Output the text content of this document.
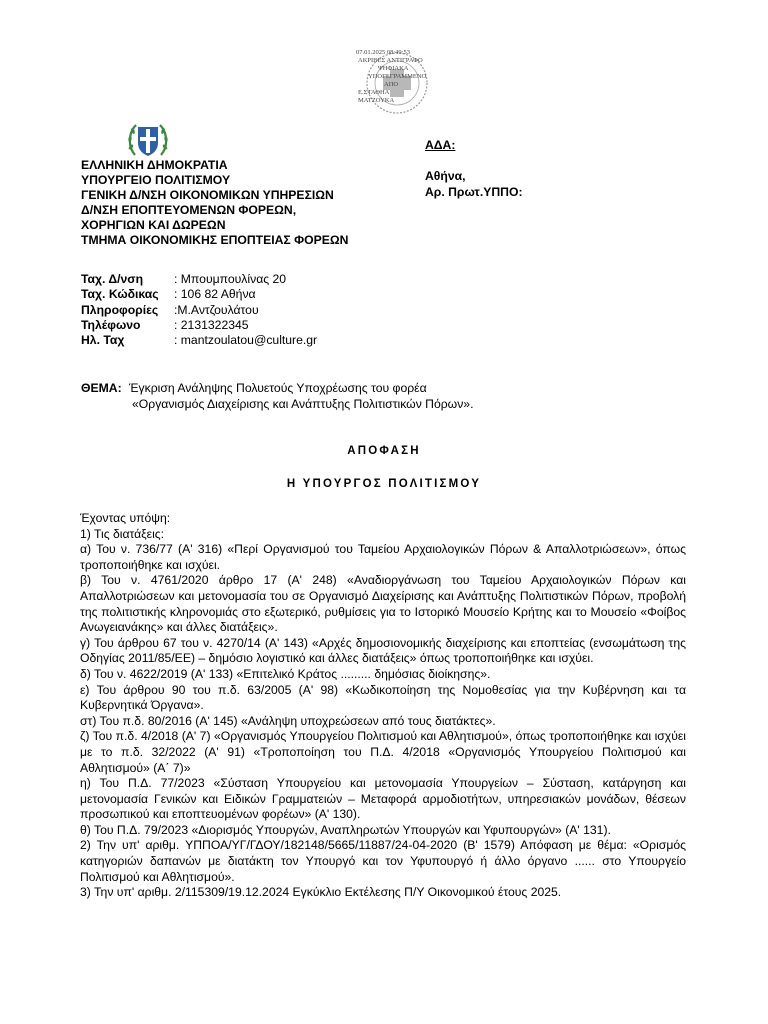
07.01.2025 08:49:53
ΑΚΡΙΒΕΣ ΑΝΤΙΓΡΑΦΟ
ΨΗΦΙΑΚΑ
ΥΠΟΓΕΓΡΑΜΜΕΝΟ
ΑΠΟ
Ε.ΣΤΑΘΗΑ
ΜΑΤΖΟΥΚΑ
ΕΛΛΗΝΙΚΗ ΔΗΜΟΚΡΑΤΙΑ
ΥΠΟΥΡΓΕΙΟ ΠΟΛΙΤΙΣΜΟΥ
ΓΕΝΙΚΗ Δ/ΝΣΗ ΟΙΚΟΝΟΜΙΚΩΝ ΥΠΗΡΕΣΙΩΝ
Δ/ΝΣΗ ΕΠΟΠΤΕΥΟΜΕΝΩΝ ΦΟΡΕΩΝ,
ΧΟΡΗΓΙΩΝ ΚΑΙ ΔΩΡΕΩΝ
ΤΜΗΜΑ ΟΙΚΟΝΟΜΙΚΗΣ ΕΠΟΠΤΕΙΑΣ ΦΟΡΕΩΝ
ΑΔΑ:
Αθήνα,
Αρ. Πρωτ.ΥΠΠΟ:
Ταχ. Δ/νση	: Μπουμπουλίνας 20
Ταχ. Κώδικας	: 106 82 Αθήνα
Πληροφορίες	:Μ.Αντζουλάτου
Τηλέφωνο	: 2131322345
Ηλ. Ταχ	: mantzoulatou@culture.gr
ΘΕΜΑ: Έγκριση Ανάληψης Πολυετούς Υποχρέωσης του φορέα
«Οργανισμός Διαχείρισης και Ανάπτυξης Πολιτιστικών Πόρων».
ΑΠΟΦΑΣΗ
Η ΥΠΟΥΡΓΟΣ ΠΟΛΙΤΙΣΜΟΥ

Έχοντας υπόψη:

1) Τις διατάξεις:

α) Του ν. 736/77 (Α' 316) «Περί Οργανισμού του Ταμείου Αρχαιολογικών Πόρων & Απαλλοτριώσεων», όπως τροποποιήθηκε και ισχύει.

β) Του ν. 4761/2020 άρθρο 17 (Α' 248) «Αναδιοργάνωση του Ταμείου Αρχαιολογικών Πόρων και Απαλλοτριώσεων και μετονομασία του σε Οργανισμό Διαχείρισης και Ανάπτυξης Πολιτιστικών Πόρων, προβολή της πολιτιστικής κληρονομιάς στο εξωτερικό, ρυθμίσεις για το Ιστορικό Μουσείο Κρήτης και το Μουσείο «Φοίβος Ανωγειανάκης» και άλλες διατάξεις».

γ) Του άρθρου 67 του ν. 4270/14 (Α' 143) «Αρχές δημοσιονομικής διαχείρισης και εποπτείας (ενσωμάτωση της Οδηγίας 2011/85/ΕΕ) – δημόσιο λογιστικό και άλλες διατάξεις» όπως τροποποιήθηκε και ισχύει.

δ) Του ν. 4622/2019 (Α' 133) «Επιτελικό Κράτος ......... δημόσιας διοίκησης».

ε) Του άρθρου 90 του π.δ. 63/2005 (Α' 98) «Κωδικοποίηση της Νομοθεσίας για την Κυβέρνηση και τα Κυβερνητικά Όργανα».

στ) Του π.δ. 80/2016 (Α' 145) «Ανάληψη υποχρεώσεων από τους διατάκτες».

ζ) Του π.δ. 4/2018 (Α' 7) «Οργανισμός Υπουργείου Πολιτισμού και Αθλητισμού», όπως τροποποιήθηκε και ισχύει με το π.δ. 32/2022 (Α' 91) «Τροποποίηση του Π.Δ. 4/2018 «Οργανισμός Υπουργείου Πολιτισμού και Αθλητισμού» (Α΄ 7)»

η) Του Π.Δ. 77/2023 «Σύσταση Υπουργείου και μετονομασία Υπουργείων – Σύσταση, κατάργηση και μετονομασία Γενικών και Ειδικών Γραμματειών – Μεταφορά αρμοδιοτήτων, υπηρεσιακών μονάδων, θέσεων προσωπικού και εποπτευομένων φορέων» (Α' 130).

θ) Του Π.Δ. 79/2023 «Διορισμός Υπουργών, Αναπληρωτών Υπουργών και Υφυπουργών» (Α' 131).

2) Την υπ' αριθμ. ΥΠΠΟΑ/ΥΓ/ΓΔΟΥ/182148/5665/11887/24-04-2020 (Β' 1579) Απόφαση με θέμα: «Ορισμός κατηγοριών δαπανών με διατάκτη τον Υπουργό και τον Υφυπουργό ή άλλο όργανο ...... στο Υπουργείο Πολιτισμού και Αθλητισμού».

3) Την υπ' αριθμ. 2/115309/19.12.2024 Εγκύκλιο Εκτέλεσης Π/Υ Οικονομικού έτους 2025.
